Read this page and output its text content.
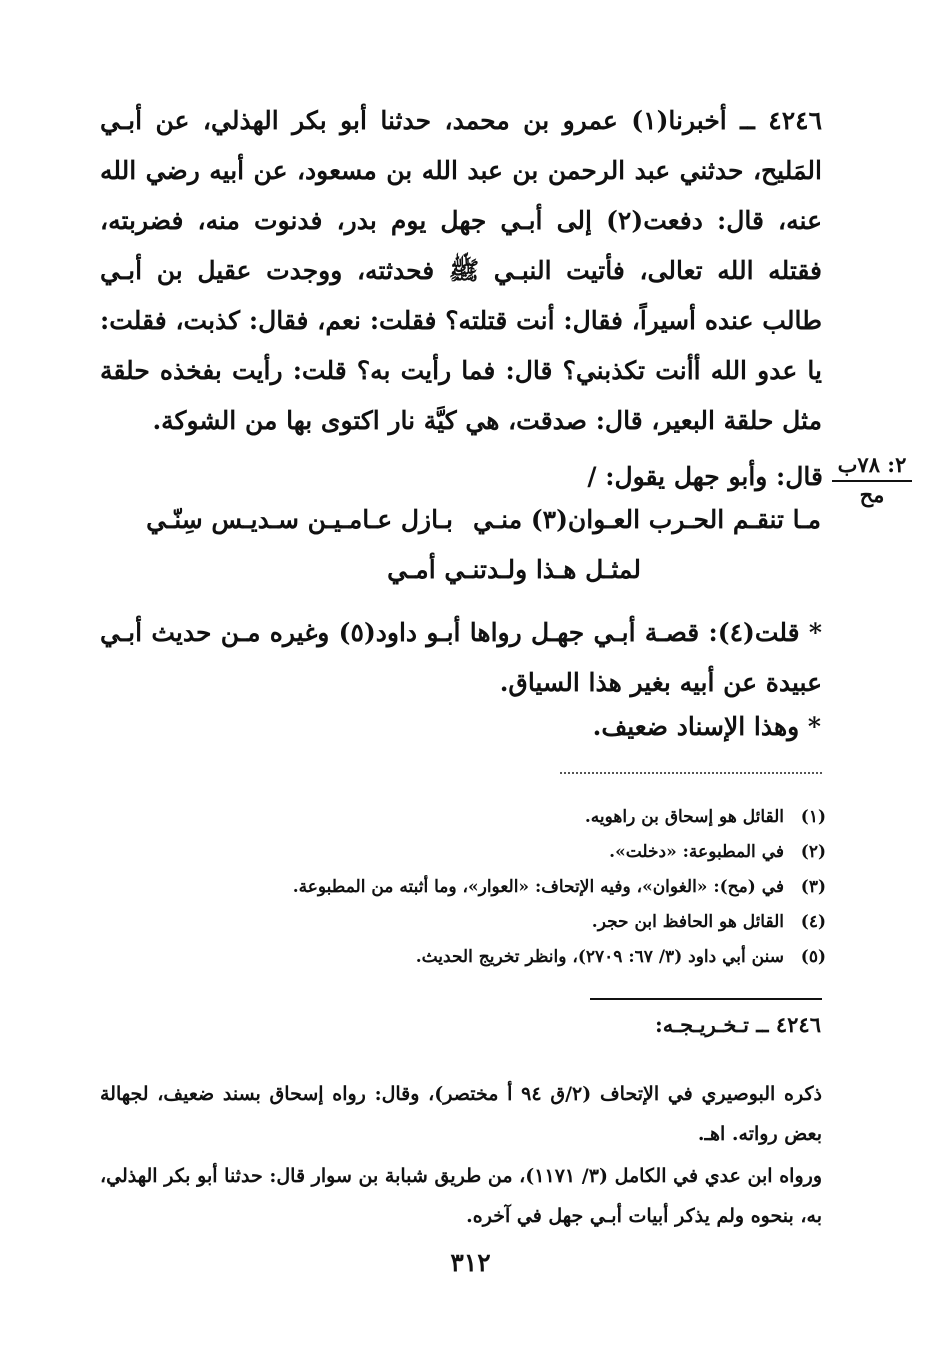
٤٢٤٦ ــ أخبرنا(١) عمرو بن محمد، حدثنا أبو بكر الهذلي، عن أبـي المَليح، حدثني عبد الرحمن بن عبد الله بن مسعود، عن أبيه رضي الله عنه، قال: دفعت(٢) إلى أبـي جهل يوم بدر، فدنوت منه، فضربته، فقتله الله تعالى، فأتيت النبـي ﷺ فحدثته، ووجدت عقيل بن أبـي طالب عنده أسيراً، فقال: أنت قتلته؟ فقلت: نعم، فقال: كذبت، فقلت: يا عدو الله أأنت تكذبني؟ قال: فما رأيت به؟ قلت: رأيت بفخذه حلقة مثل حلقة البعير، قال: صدقت، هي كيَّة نار اكتوى بها من الشوكة.

قال: وأبو جهل يقول: / ٢: ٧٨ب
مح
مـا تنقـم الحـرب العـوان(٣) منـي
بـازل عـامـيـن سـديـس سِنّـي
لمثـل هـذا ولـدتنـي أمـي

* قلت(٤): قصـة أبـي جهـل رواها أبـو داود(٥) وغيره مـن حديث أبـي عبيدة عن أبيه بغير هذا السياق.

* وهذا الإسناد ضعيف.
(١)القائل هو إسحاق بن راهويه.
(٢)في المطبوعة: «دخلت».
(٣)في (مح): «الغوان»، وفيه الإتحاف: «العوار»، وما أثبته من المطبوعة.
(٤)القائل هو الحافظ ابن حجر.
(٥)سنن أبي داود (٣/ ٦٧: ٢٧٠٩)، وانظر تخريج الحديث.
٤٢٤٦ ــ تـخـريـجـه:

ذكره البوصيري في الإتحاف (٢/ق ٩٤ أ مختصر)، وقال: رواه إسحاق بسند ضعيف، لجهالة بعض رواته. اهـ.

ورواه ابن عدي في الكامل (٣/ ١١٧١)، من طريق شبابة بن سوار قال: حدثنا أبو بكر الهذلي، به، بنحوه ولم يذكر أبيات أبـي جهل في آخره.

٣١٢
